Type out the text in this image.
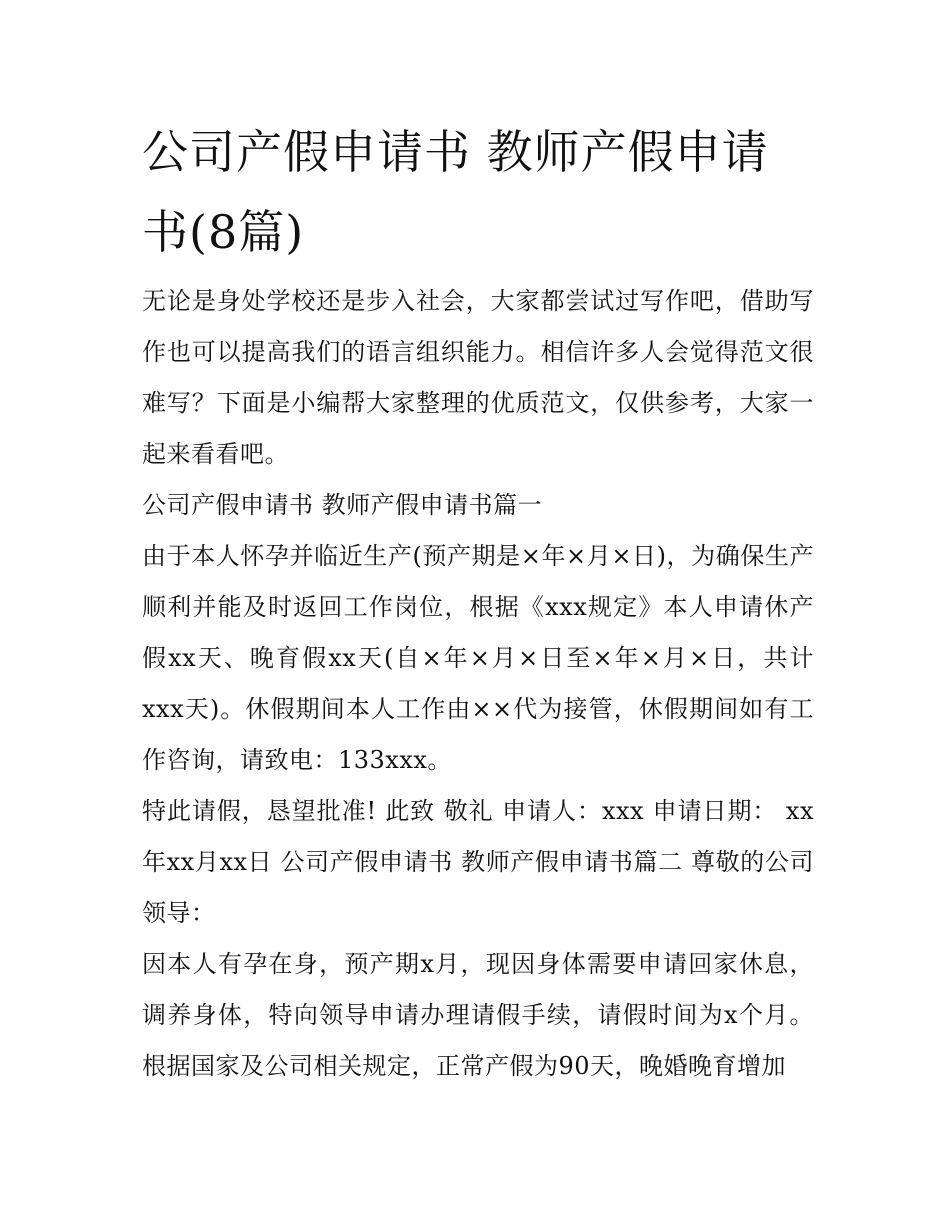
公司产假申请书 教师产假申请书(8篇)

无论是身处学校还是步入社会，大家都尝试过写作吧，借助写作也可以提高我们的语言组织能力。相信许多人会觉得范文很难写？下面是小编帮大家整理的优质范文，仅供参考，大家一起来看看吧。

公司产假申请书 教师产假申请书篇一

由于本人怀孕并临近生产(预产期是×年×月×日)，为确保生产顺利并能及时返回工作岗位，根据《xxx规定》本人申请休产假xx天、晚育假xx天(自×年×月×日至×年×月×日，共计xxx天)。休假期间本人工作由××代为接管，休假期间如有工作咨询，请致电：133xxx。

特此请假，恳望批准! 此致 敬礼 申请人：xxx 申请日期： xx年xx月xx日 公司产假申请书 教师产假申请书篇二 尊敬的公司领导：

因本人有孕在身，预产期x月，现因身体需要申请回家休息，调养身体，特向领导申请办理请假手续，请假时间为x个月。根据国家及公司相关规定，正常产假为90天，晚婚晚育增加
